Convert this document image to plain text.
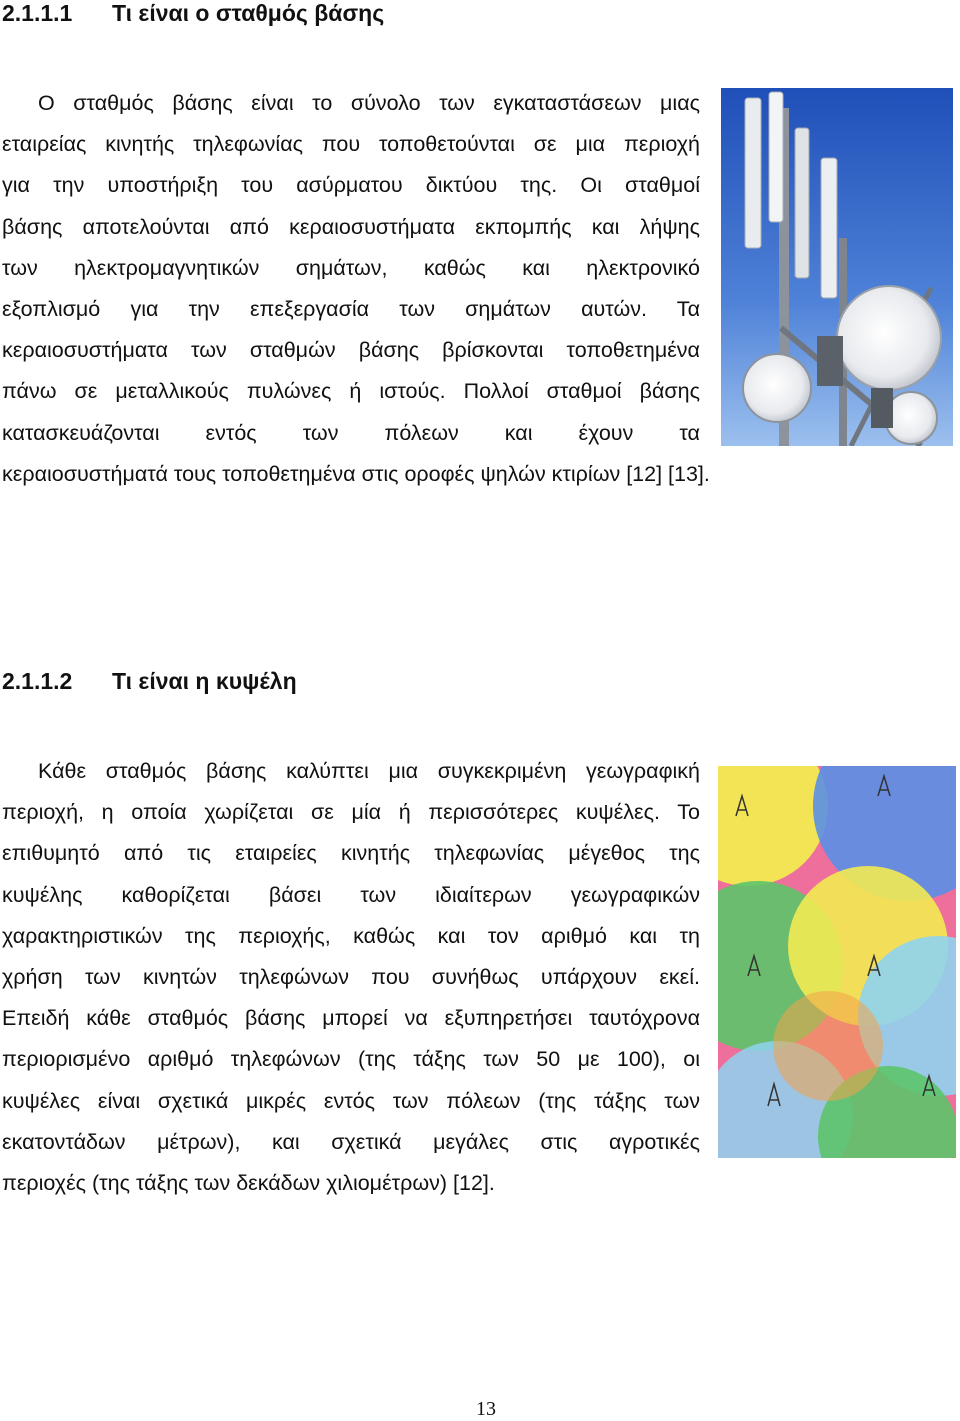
2.1.1.1 Τι είναι ο σταθμός βάσης
Ο σταθμός βάσης είναι το σύνολο των εγκαταστάσεων μιας
εταιρείας κινητής τηλεφωνίας που τοποθετούνται σε μια περιοχή
για την υποστήριξη του ασύρματου δικτύου της. Οι σταθμοί
βάσης αποτελούνται από κεραιοσυστήματα εκπομπής και λήψης
των ηλεκτρομαγνητικών σημάτων, καθώς και ηλεκτρονικό
εξοπλισμό για την επεξεργασία των σημάτων αυτών. Τα
κεραιοσυστήματα των σταθμών βάσης βρίσκονται τοποθετημένα
πάνω σε μεταλλικούς πυλώνες ή ιστούς. Πολλοί σταθμοί βάσης
κατασκευάζονται εντός των πόλεων και έχουν τα
κεραιοσυστήματά τους τοποθετημένα στις οροφές ψηλών κτιρίων [12] [13].
2.1.1.2 Τι είναι η κυψέλη
Κάθε σταθμός βάσης καλύπτει μια συγκεκριμένη γεωγραφική
περιοχή, η οποία χωρίζεται σε μία ή περισσότερες κυψέλες. Το
επιθυμητό από τις εταιρείες κινητής τηλεφωνίας μέγεθος της
κυψέλης καθορίζεται βάσει των ιδιαίτερων γεωγραφικών
χαρακτηριστικών της περιοχής, καθώς και τον αριθμό και τη
χρήση των κινητών τηλεφώνων που συνήθως υπάρχουν εκεί.
Επειδή κάθε σταθμός βάσης μπορεί να εξυπηρετήσει ταυτόχρονα
περιορισμένο αριθμό τηλεφώνων (της τάξης των 50 με 100), οι
κυψέλες είναι σχετικά μικρές εντός των πόλεων (της τάξης των
εκατοντάδων μέτρων), και σχετικά μεγάλες στις αγροτικές
περιοχές (της τάξης των δεκάδων χιλιομέτρων) [12].
13
